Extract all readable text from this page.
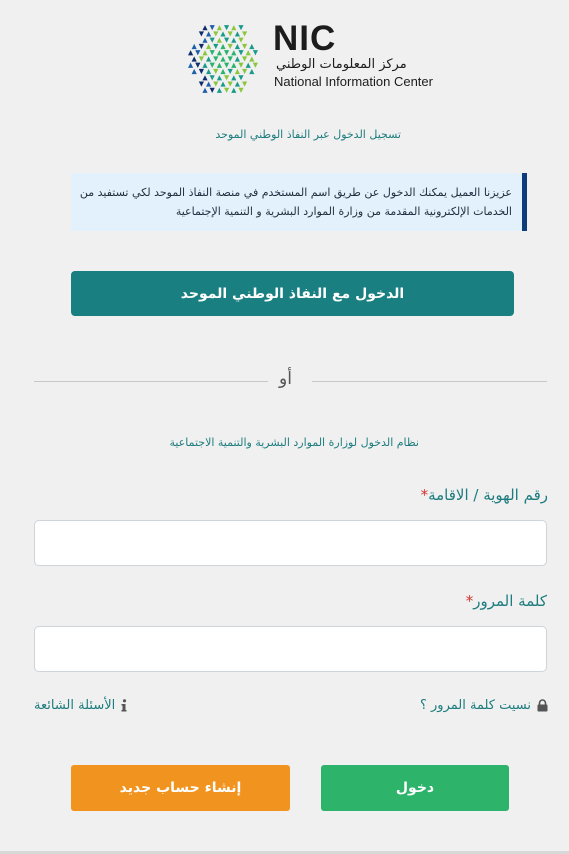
NIC
مركز المعلومات الوطني
National Information Center
تسجيل الدخول عبر النفاذ الوطني الموحد
عزيزنا العميل يمكنك الدخول عن طريق اسم المستخدم في منصة النفاذ الموحد لكي تستفيد من الخدمات الإلكترونية المقدمة من وزارة الموارد البشرية و التنمية الإجتماعية
الدخول مع النفاذ الوطني الموحد
أو
نظام الدخول لوزارة الموارد البشرية والتنمية الاجتماعية
رقم الهوية / الاقامة*
كلمة المرور*
نسيت كلمة المرور ؟
الأسئلة الشائعة
إنشاء حساب جديد	دخول
